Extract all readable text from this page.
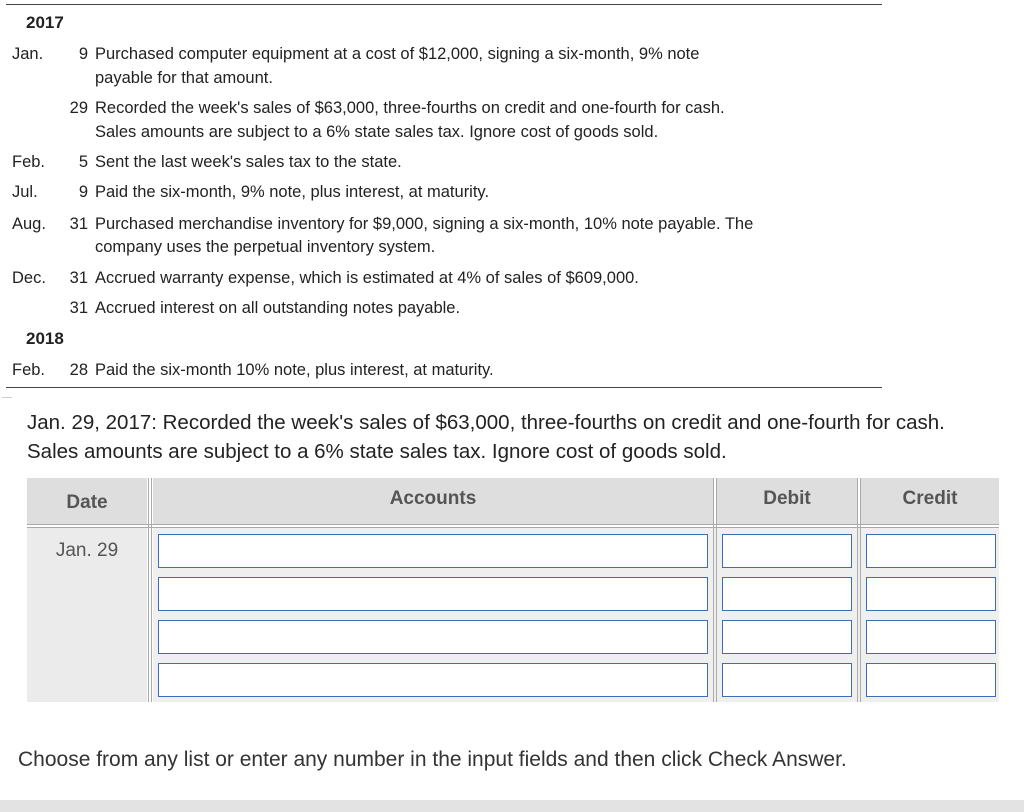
2017
Jan.	9 Purchased computer equipment at a cost of $12,000, signing a six-month, 9% note
payable for that amount.
29 Recorded the week's sales of $63,000, three-fourths on credit and one-fourth for cash.
Sales amounts are subject to a 6% state sales tax. Ignore cost of goods sold.
Feb.	5 Sent the last week's sales tax to the state.
Jul.	9 Paid the six-month, 9% note, plus interest, at maturity.
Aug. 31 Purchased merchandise inventory for $9,000, signing a six-month, 10% note payable. The
company uses the perpetual inventory system.
Dec. 31 Accrued warranty expense, which is estimated at 4% of sales of $609,000.
31 Accrued interest on all outstanding notes payable.
2018
Feb. 28 Paid the six-month 10% note, plus interest, at maturity.
Jan. 29, 2017: Recorded the week's sales of $63,000, three-fourths on credit and one-fourth for cash.
Sales amounts are subject to a 6% state sales tax. Ignore cost of goods sold.
Date	Accounts	Debit	Credit
Jan. 29
Choose from any list or enter any number in the input fields and then click Check Answer.
